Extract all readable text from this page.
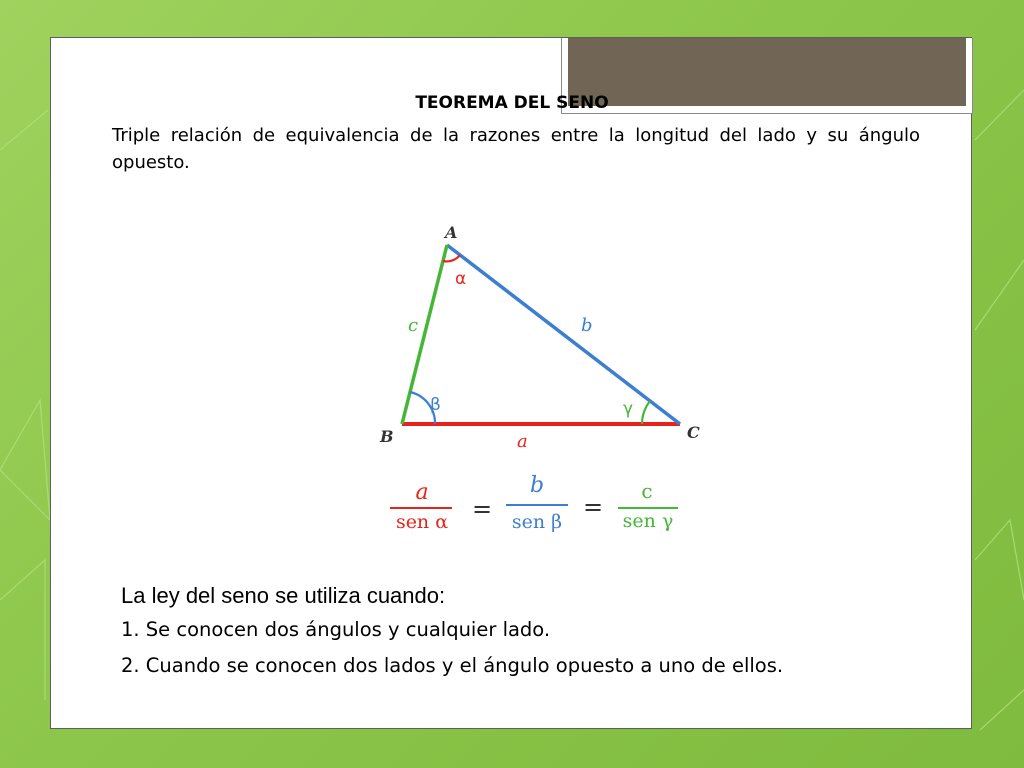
TEOREMA DEL SENO
Triple relación de equivalencia de la razones entre la longitud del lado y su ángulo opuesto.
A
B	C
a
b
c
α
β	γ
a
sen α =
b
sen β
=
c
sen γ
La ley del seno se utiliza cuando:
1. Se conocen dos ángulos y cualquier lado.
2. Cuando se conocen dos lados y el ángulo opuesto a uno de ellos.
